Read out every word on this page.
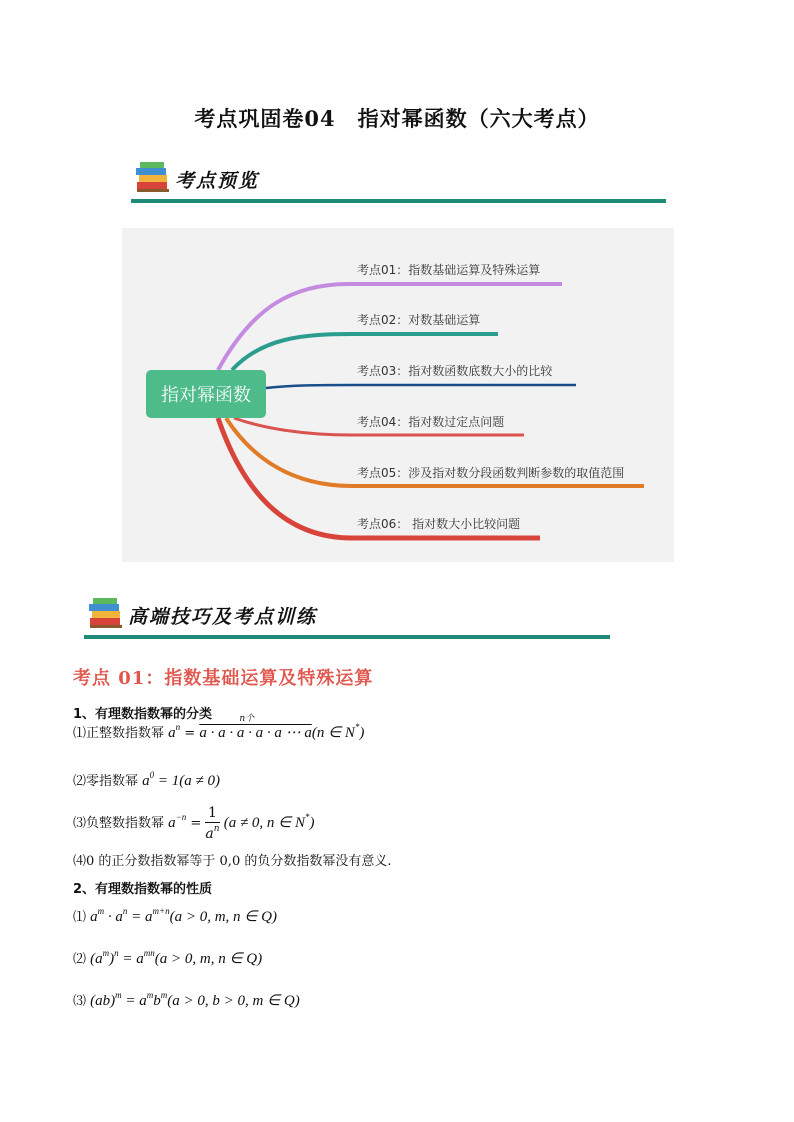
考点巩固卷04　指对幂函数（六大考点）
考点预览
指对幂函数
考点01：指数基础运算及特殊运算
考点02：对数基础运算
考点03：指对数函数底数大小的比较
考点04：指对数过定点问题
考点05：涉及指对数分段函数判断参数的取值范围
考点06： 指对数大小比较问题
高端技巧及考点训练
考点 01：指数基础运算及特殊运算
1、有理数指数幂的分类
⑴正整数指数幂 $a^n$ =
n个
a · a · a · a · a ⋯ a(n ∈ N*)
⑵零指数幂 $a^0 = 1(a \ne 0)$
⑶负整数指数幂 $a^{-n} = \frac{1}{a^n} (a \ne 0$, n ∈ N*)
⑷0 的正分数指数幂等于 0,0 的负分数指数幂没有意义.
2、有理数指数幂的性质
⑴ $a^m \cdot a^n = a^{m+n}(a > 0$, m, n ∈ Q)
⑵ $(a^m)^n = a^{mn}(a > 0$, m, n ∈ Q)
⑶ $(ab)^m = a^mb^m(a > 0$, b > 0, m ∈ Q)
